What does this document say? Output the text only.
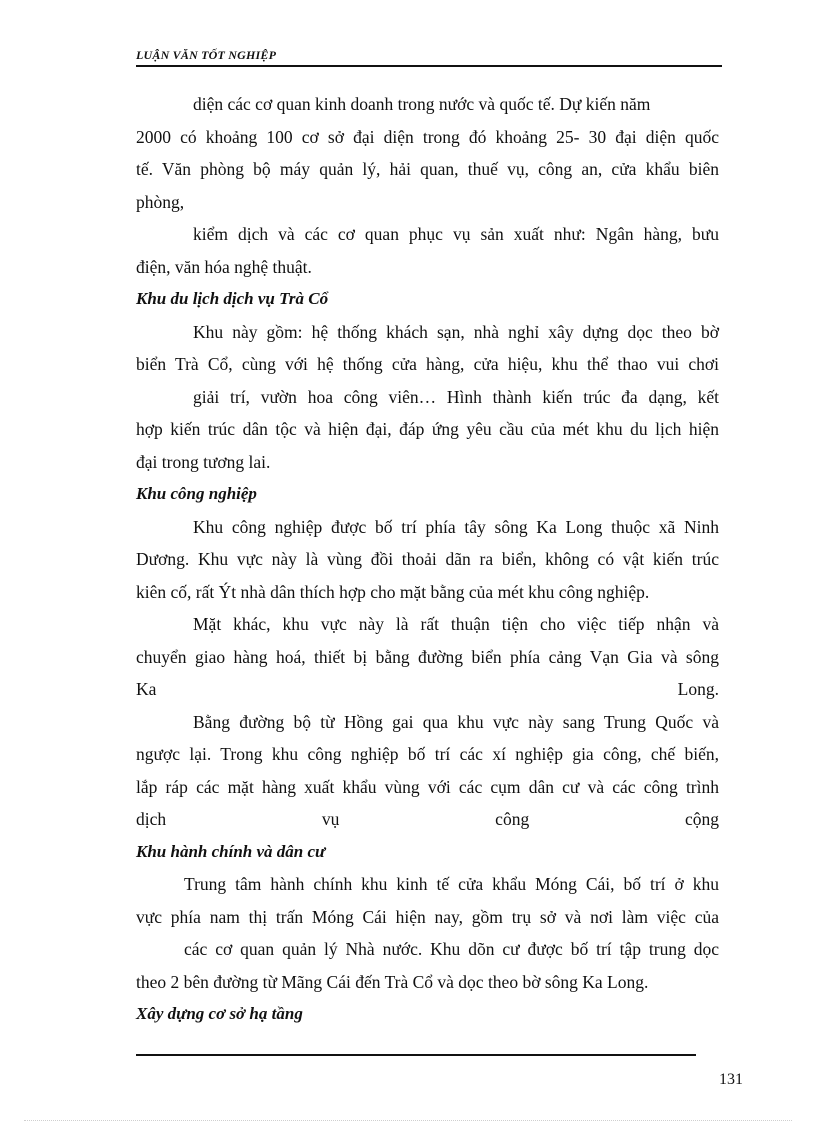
LUẬN VĂN TỐT NGHIỆP
diện các cơ quan kinh doanh trong nước và quốc tế. Dự kiến năm
2000 có khoảng 100 cơ sở đại diện trong đó khoảng 25- 30 đại diện quốc
tế. Văn phòng bộ máy quản lý, hải quan, thuế vụ, công an, cửa khẩu biên
phòng,
kiểm dịch và các cơ quan phục vụ sản xuất như: Ngân hàng, bưu
điện, văn hóa nghệ thuật.
Khu du lịch dịch vụ Trà Cổ
Khu này gồm: hệ thống khách sạn, nhà nghỉ xây dựng dọc theo bờ
biển Trà Cổ, cùng với hệ thống cửa hàng, cửa hiệu, khu thể thao vui chơi
giải trí, vườn hoa công viên… Hình thành kiến trúc đa dạng, kết
hợp kiến trúc dân tộc và hiện đại, đáp ứng yêu cầu của mét khu du lịch hiện
đại trong tương lai.
Khu công nghiệp
Khu công nghiệp được bố trí phía tây sông Ka Long thuộc xã Ninh
Dương. Khu vực này là vùng đồi thoải dãn ra biển, không có vật kiến trúc
kiên cố, rất Ýt nhà dân thích hợp cho mặt bằng của mét khu công nghiệp.
Mặt khác, khu vực này là rất thuận tiện cho việc tiếp nhận và
chuyển giao hàng hoá, thiết bị bằng đường biển phía cảng Vạn Gia và sông
Ka Long.
Bằng đường bộ từ Hồng gai qua khu vực này sang Trung Quốc và
ngược lại. Trong khu công nghiệp bố trí các xí nghiệp gia công, chế biến,
lắp ráp các mặt hàng xuất khẩu vùng với các cụm dân cư và các công trình
dịch vụ công cộng
Khu hành chính và dân cư
Trung tâm hành chính khu kinh tế cửa khẩu Móng Cái, bố trí ở khu
vực phía nam thị trấn Móng Cái hiện nay, gồm trụ sở và nơi làm việc của
các cơ quan quản lý Nhà nước. Khu dõn cư được bố trí tập trung dọc
theo 2 bên đường từ Mãng Cái đến Trà Cổ và dọc theo bờ sông Ka Long.
Xây dựng cơ sở hạ tầng
131
